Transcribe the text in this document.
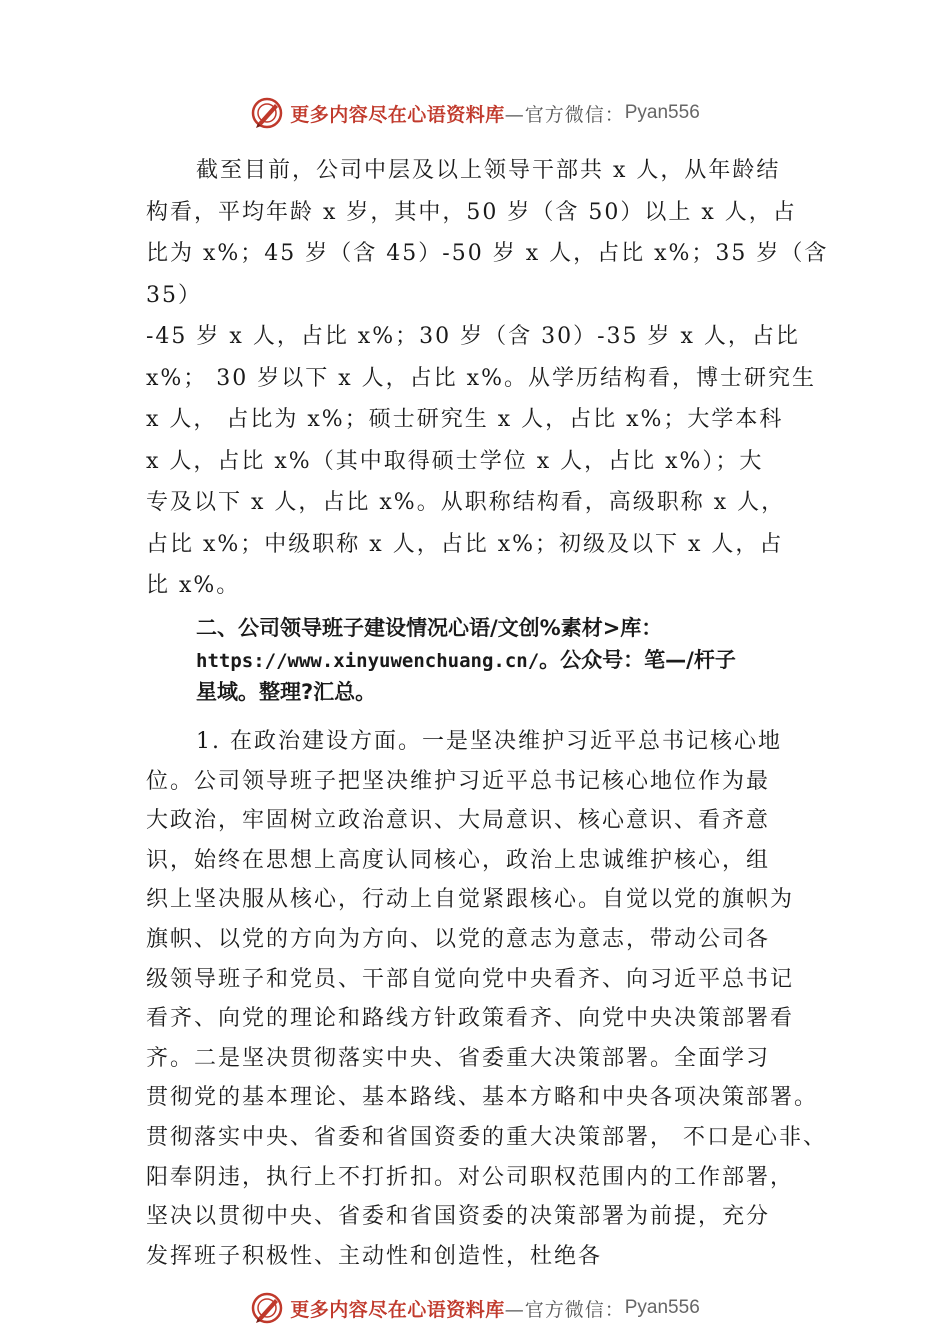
更多内容尽在心语资料库 —官方微信： Pyan556
截至目前，公司中层及以上领导干部共 x 人，从年龄结
构看，平均年龄 x 岁，其中，50 岁（含 50）以上 x 人，占
比为 x%；45 岁（含 45）-50 岁 x 人，占比 x%；35 岁（含
35）
-45 岁 x 人，占比 x%；30 岁（含 30）-35 岁 x 人，占比
x%； 30 岁以下 x 人，占比 x%。从学历结构看，博士研究生
x 人， 占比为 x%；硕士研究生 x 人，占比 x%；大学本科
x 人，占比 x%（其中取得硕士学位 x 人，占比 x%）；大
专及以下 x 人，占比 x%。从职称结构看，高级职称 x 人，
占比 x%；中级职称 x 人，占比 x%；初级及以下 x 人，占
比 x%。
二、公司领导班子建设情况心语/文创%素材>库：
https://www.xinyuwenchuang.cn/。公众号：笔—/杆子
星域。整理?汇总。
1. 在政治建设方面。一是坚决维护习近平总书记核心地
位。公司领导班子把坚决维护习近平总书记核心地位作为最
大政治，牢固树立政治意识、大局意识、核心意识、看齐意
识，始终在思想上高度认同核心，政治上忠诚维护核心，组
织上坚决服从核心，行动上自觉紧跟核心。自觉以党的旗帜为
旗帜、以党的方向为方向、以党的意志为意志，带动公司各
级领导班子和党员、干部自觉向党中央看齐、向习近平总书记
看齐、向党的理论和路线方针政策看齐、向党中央决策部署看
齐。二是坚决贯彻落实中央、省委重大决策部署。全面学习
贯彻党的基本理论、基本路线、基本方略和中央各项决策部署。
贯彻落实中央、省委和省国资委的重大决策部署， 不口是心非、
阳奉阴违，执行上不打折扣。对公司职权范围内的工作部署，
坚决以贯彻中央、省委和省国资委的决策部署为前提，充分
发挥班子积极性、主动性和创造性，杜绝各
更多内容尽在心语资料库 —官方微信： Pyan556
